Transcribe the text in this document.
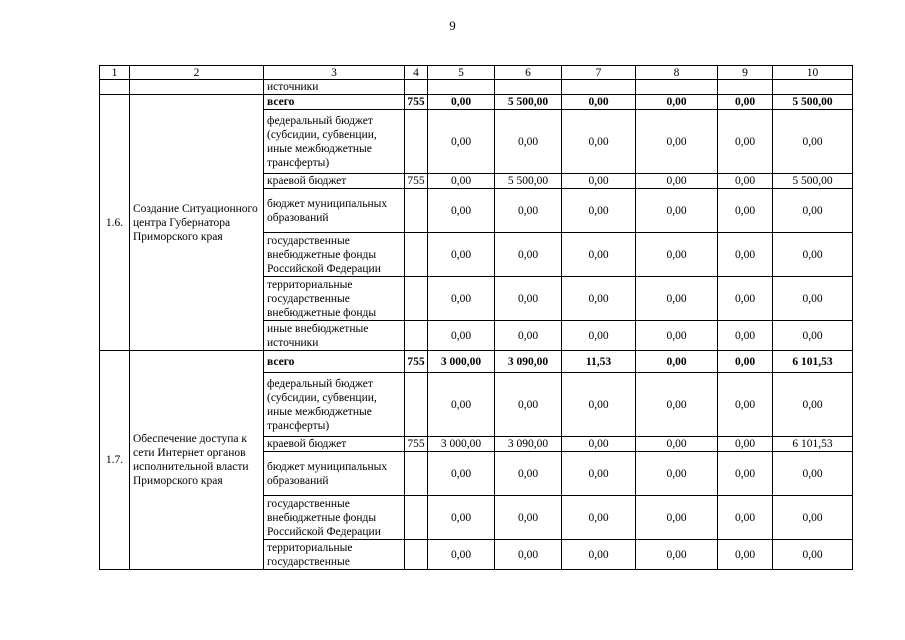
9
1	2	3	4	5	6	7	8	9	10
		источники							
1.6.	Создание Ситуационного центра Губернатора Приморского края	всего	755	0,00	5 500,00	0,00	0,00	0,00	5 500,00
		федеральный бюджет (субсидии, субвенции, иные межбюджетные трансферты)		0,00	0,00	0,00	0,00	0,00	0,00
		краевой бюджет	755	0,00	5 500,00	0,00	0,00	0,00	5 500,00
		бюджет муниципальных образований		0,00	0,00	0,00	0,00	0,00	0,00
		государственные внебюджетные фонды Российской Федерации		0,00	0,00	0,00	0,00	0,00	0,00
		территориальные государственные внебюджетные фонды		0,00	0,00	0,00	0,00	0,00	0,00
		иные внебюджетные источники		0,00	0,00	0,00	0,00	0,00	0,00
1.7.	Обеспечение доступа к сети Интернет органов исполнительной власти Приморского края	всего	755	3 000,00	3 090,00	11,53	0,00	0,00	6 101,53
		федеральный бюджет (субсидии, субвенции, иные межбюджетные трансферты)		0,00	0,00	0,00	0,00	0,00	0,00
		краевой бюджет	755	3 000,00	3 090,00	0,00	0,00	0,00	6 101,53
		бюджет муниципальных образований		0,00	0,00	0,00	0,00	0,00	0,00
		государственные внебюджетные фонды Российской Федерации		0,00	0,00	0,00	0,00	0,00	0,00
		территориальные государственные		0,00	0,00	0,00	0,00	0,00	0,00
